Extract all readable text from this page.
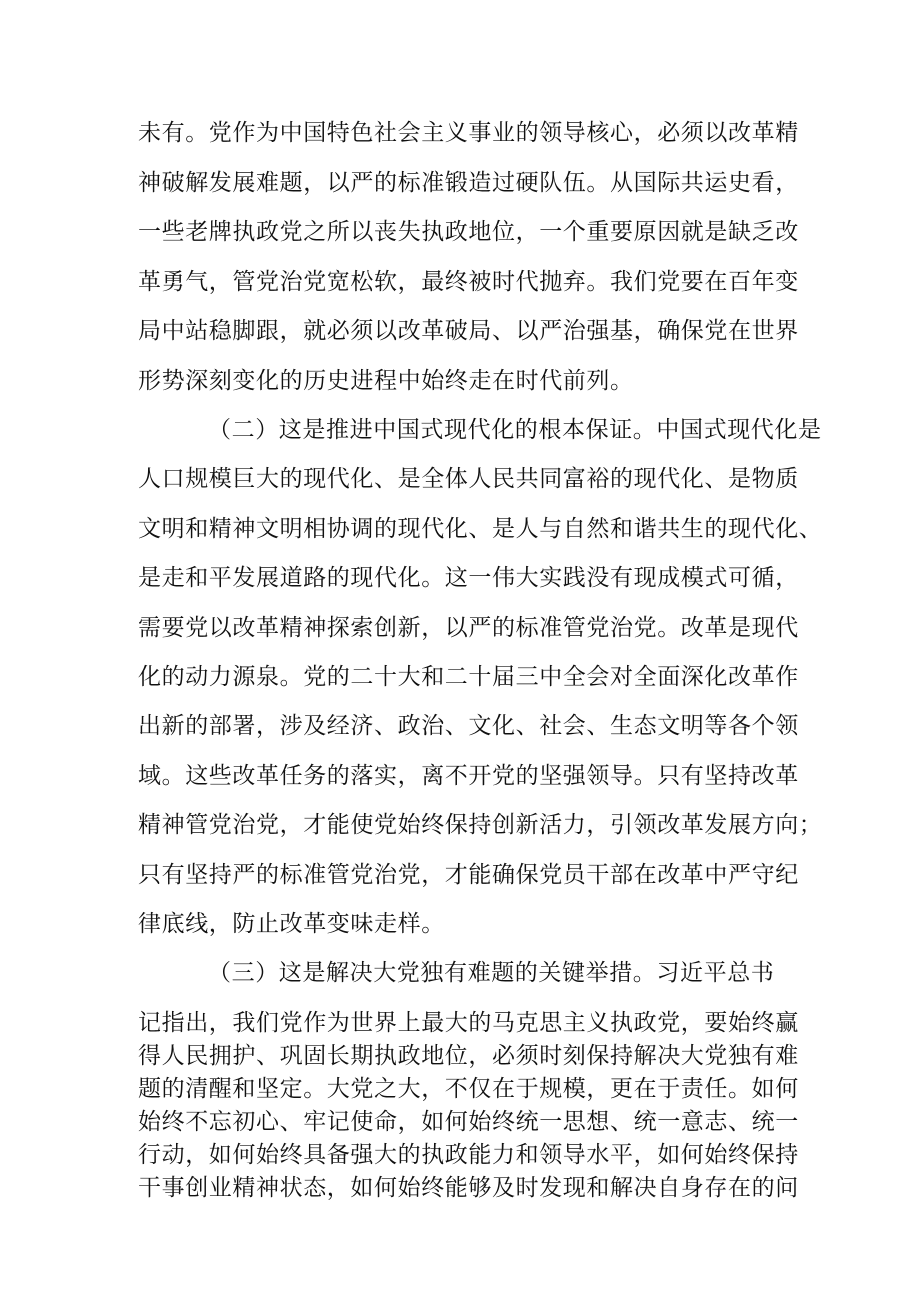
未有。党作为中国特色社会主义事业的领导核心，必须以改革精
神破解发展难题，以严的标准锻造过硬队伍。从国际共运史看，
一些老牌执政党之所以丧失执政地位，一个重要原因就是缺乏改
革勇气，管党治党宽松软，最终被时代抛弃。我们党要在百年变
局中站稳脚跟，就必须以改革破局、以严治强基，确保党在世界
形势深刻变化的历史进程中始终走在时代前列。
（二）这是推进中国式现代化的根本保证。中国式现代化是
人口规模巨大的现代化、是全体人民共同富裕的现代化、是物质
文明和精神文明相协调的现代化、是人与自然和谐共生的现代化、
是走和平发展道路的现代化。这一伟大实践没有现成模式可循，
需要党以改革精神探索创新，以严的标准管党治党。改革是现代
化的动力源泉。党的二十大和二十届三中全会对全面深化改革作
出新的部署，涉及经济、政治、文化、社会、生态文明等各个领
域。这些改革任务的落实，离不开党的坚强领导。只有坚持改革
精神管党治党，才能使党始终保持创新活力，引领改革发展方向；
只有坚持严的标准管党治党，才能确保党员干部在改革中严守纪
律底线，防止改革变味走样。
（三）这是解决大党独有难题的关键举措。习近平总书
记指出，我们党作为世界上最大的马克思主义执政党，要始终赢
得人民拥护、巩固长期执政地位，必须时刻保持解决大党独有难
题的清醒和坚定。大党之大，不仅在于规模，更在于责任。如何
始终不忘初心、牢记使命，如何始终统一思想、统一意志、统一
行动，如何始终具备强大的执政能力和领导水平，如何始终保持
干事创业精神状态，如何始终能够及时发现和解决自身存在的问
